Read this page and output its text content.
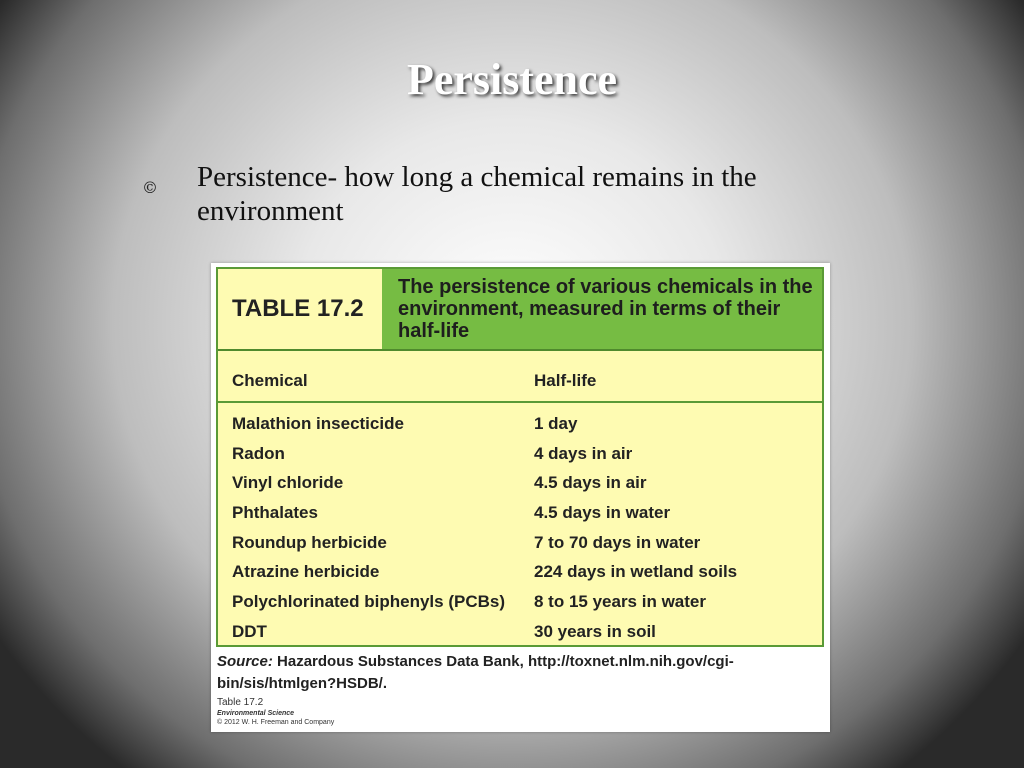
Persistence
©	Persistence- how long a chemical remains in the environment
TABLE 17.2
The persistence of various chemicals in the environment, measured in terms of their half-life
Chemical	Half-life
Malathion insecticide	1 day
Radon	4 days in air
Vinyl chloride	4.5 days in air
Phthalates	4.5 days in water
Roundup herbicide	7 to 70 days in water
Atrazine herbicide	224 days in wetland soils
Polychlorinated biphenyls (PCBs) 8 to 15 years in water
DDT	30 years in soil
Source: Hazardous Substances Data Bank, http://toxnet.nlm.nih.gov/cgi-bin/sis/htmlgen?HSDB/.
Table 17.2
Environmental Science
© 2012 W. H. Freeman and Company
